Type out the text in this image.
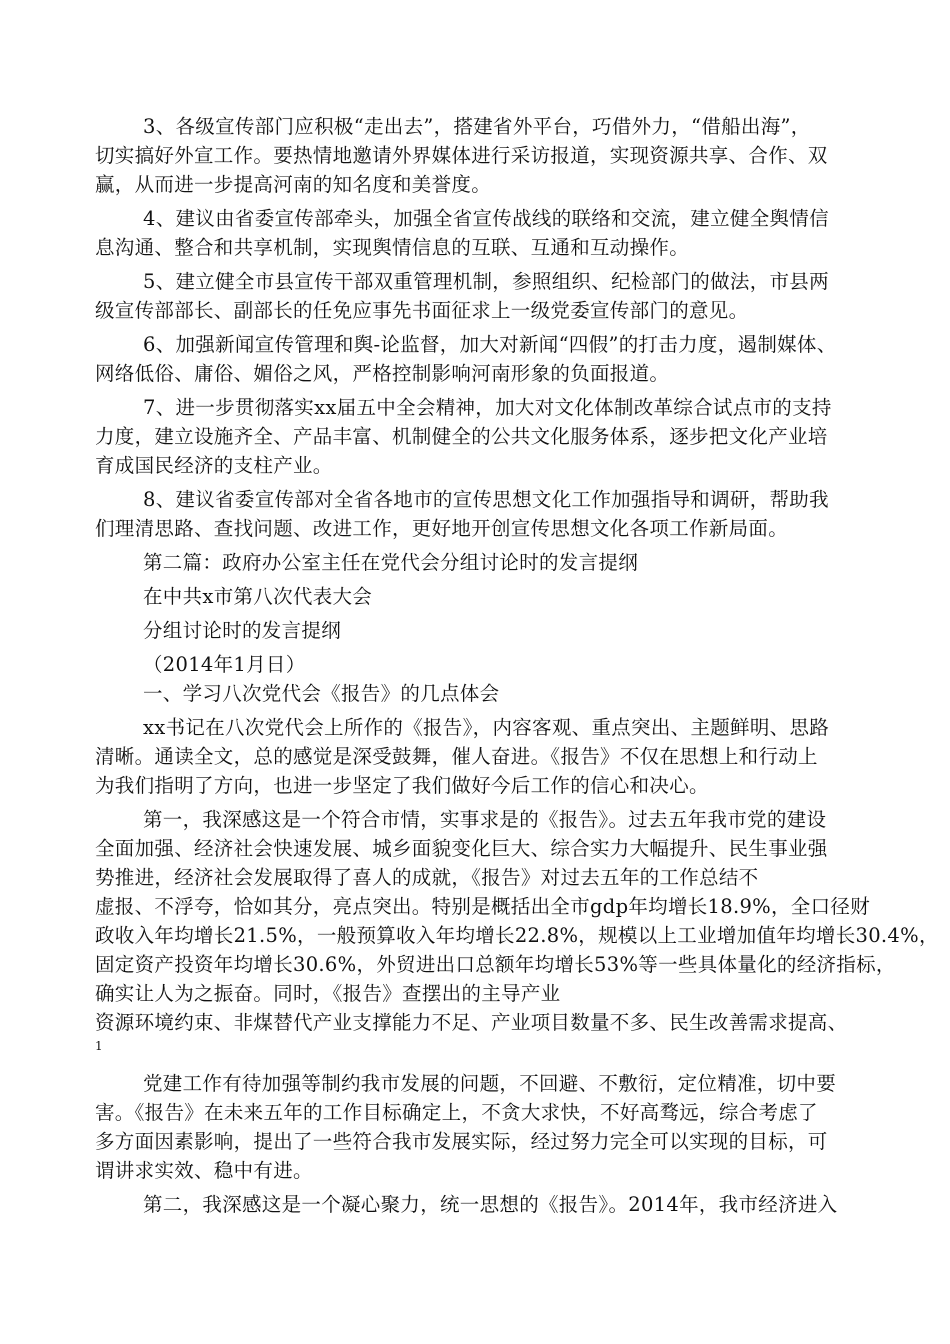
3、各级宣传部门应积极“走出去”，搭建省外平台，巧借外力，“借船出海”，
切实搞好外宣工作。要热情地邀请外界媒体进行采访报道，实现资源共享、合作、双
赢，从而进一步提高河南的知名度和美誉度。
4、建议由省委宣传部牵头，加强全省宣传战线的联络和交流，建立健全舆情信
息沟通、整合和共享机制，实现舆情信息的互联、互通和互动操作。
5、建立健全市县宣传干部双重管理机制，参照组织、纪检部门的做法，市县两
级宣传部部长、副部长的任免应事先书面征求上一级党委宣传部门的意见。
6、加强新闻宣传管理和舆-论监督，加大对新闻“四假”的打击力度，遏制媒体、
网络低俗、庸俗、媚俗之风，严格控制影响河南形象的负面报道。
7、进一步贯彻落实xx届五中全会精神，加大对文化体制改革综合试点市的支持
力度，建立设施齐全、产品丰富、机制健全的公共文化服务体系，逐步把文化产业培
育成国民经济的支柱产业。
8、建议省委宣传部对全省各地市的宣传思想文化工作加强指导和调研，帮助我
们理清思路、查找问题、改进工作，更好地开创宣传思想文化各项工作新局面。
第二篇：政府办公室主任在党代会分组讨论时的发言提纲
在中共x市第八次代表大会
分组讨论时的发言提纲
（2014年1月日）
一、学习八次党代会《报告》的几点体会
xx书记在八次党代会上所作的《报告》，内容客观、重点突出、主题鲜明、思路
清晰。通读全文，总的感觉是深受鼓舞，催人奋进。《报告》不仅在思想上和行动上
为我们指明了方向，也进一步坚定了我们做好今后工作的信心和决心。
第一，我深感这是一个符合市情，实事求是的《报告》。过去五年我市党的建设
全面加强、经济社会快速发展、城乡面貌变化巨大、综合实力大幅提升、民生事业强
势推进，经济社会发展取得了喜人的成就，《报告》对过去五年的工作总结不
虚报、不浮夸，恰如其分，亮点突出。特别是概括出全市gdp年均增长18.9%，全口径财
政收入年均增长21.5%，一般预算收入年均增长22.8%，规模以上工业增加值年均增长30.4%，
固定资产投资年均增长30.6%，外贸进出口总额年均增长53%等一些具体量化的经济指标，
确实让人为之振奋。同时，《报告》查摆出的主导产业
资源环境约束、非煤替代产业支撑能力不足、产业项目数量不多、民生改善需求提高、
1
党建工作有待加强等制约我市发展的问题，不回避、不敷衍，定位精准，切中要
害。《报告》在未来五年的工作目标确定上，不贪大求快，不好高骛远，综合考虑了
多方面因素影响，提出了一些符合我市发展实际，经过努力完全可以实现的目标，可
谓讲求实效、稳中有进。
第二，我深感这是一个凝心聚力，统一思想的《报告》。2014年，我市经济进入
